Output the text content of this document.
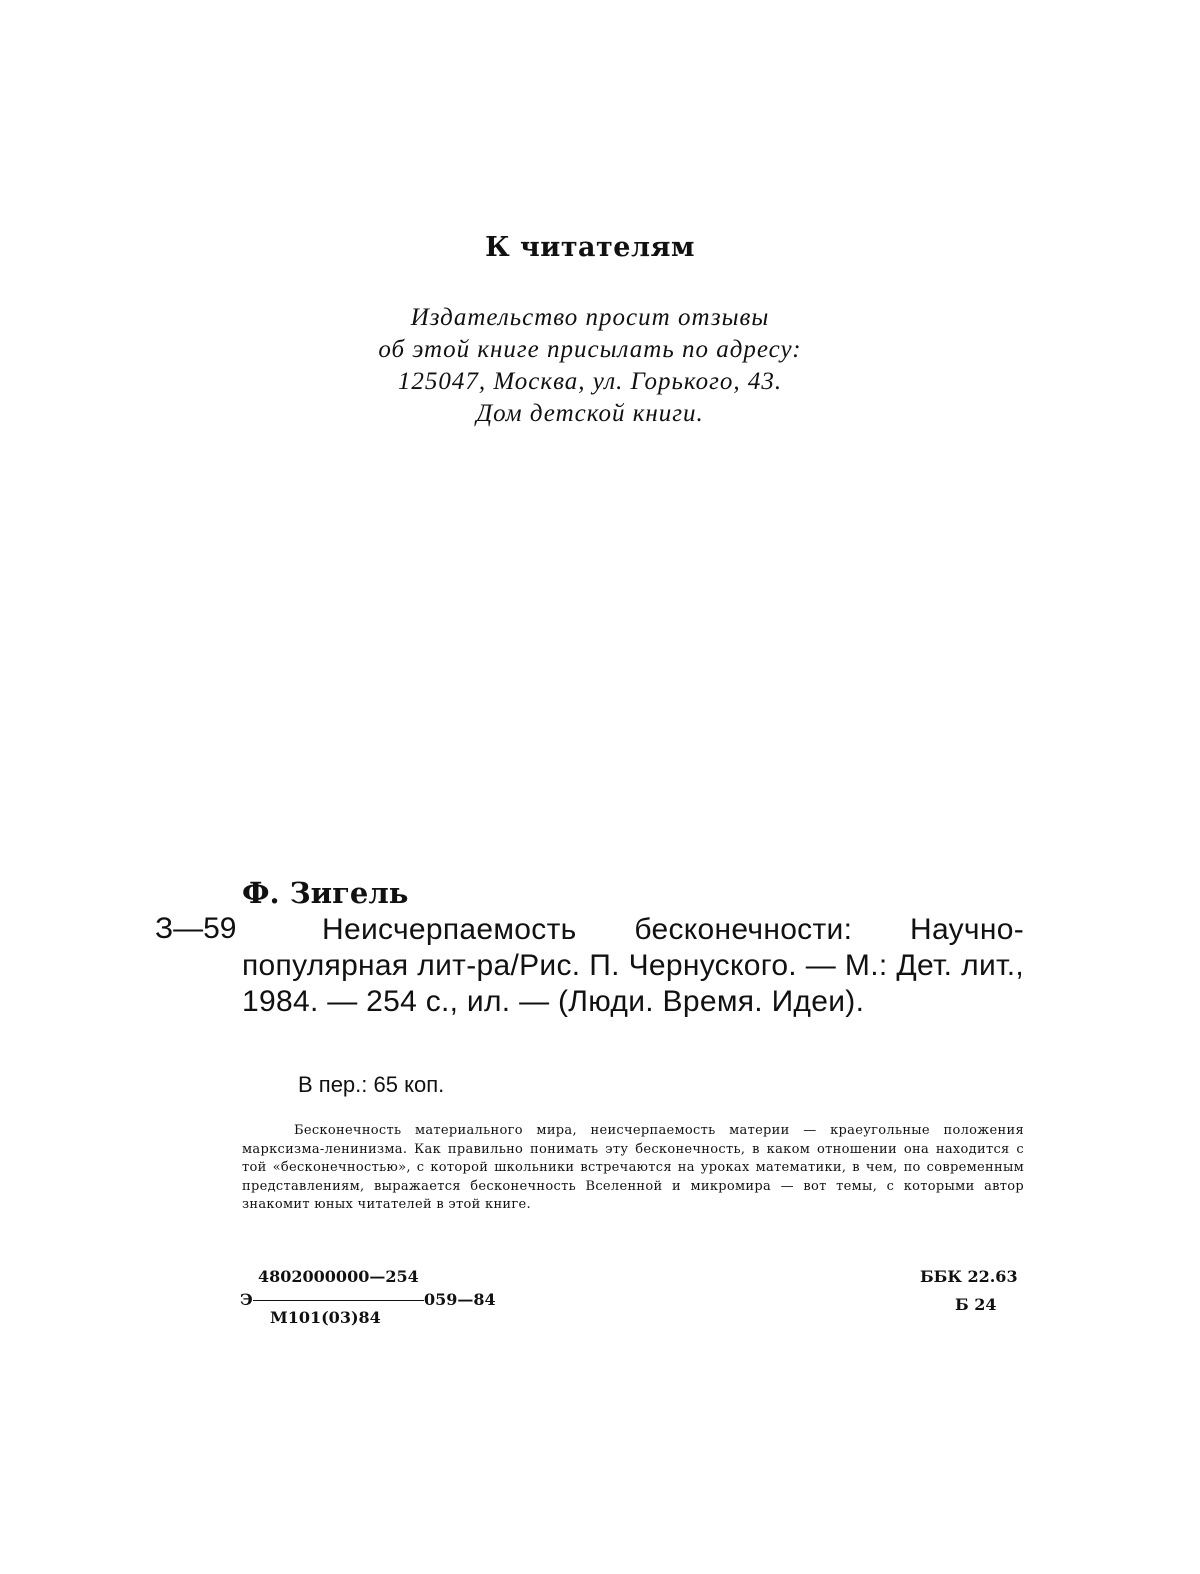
К читателям
Издательство просит отзывы
об этой книге присылать по адресу:
125047, Москва, ул. Горького, 43.
Дом детской книги.
Ф. Зигель
З—59	Неисчерпаемость бесконечности: Научно-популярная лит-ра/Рис. П. Чернуского. — М.: Дет. лит., 1984. — 254 с., ил. — (Люди. Время. Идеи).
В пер.: 65 коп.
Бесконечность материального мира, неисчерпаемость материи — краеугольные положения марксизма-ленинизма. Как правильно понимать эту бесконечность, в каком отношении она находится с той «бесконечностью», с которой школьники встречаются на уроках математики, в чем, по современным представлениям, выражается бесконечность Вселенной и микромира — вот темы, с которыми автор знакомит юных читателей в этой книге.
4802000000—254
Э	059—84
М101(03)84
ББК 22.63
Б 24
